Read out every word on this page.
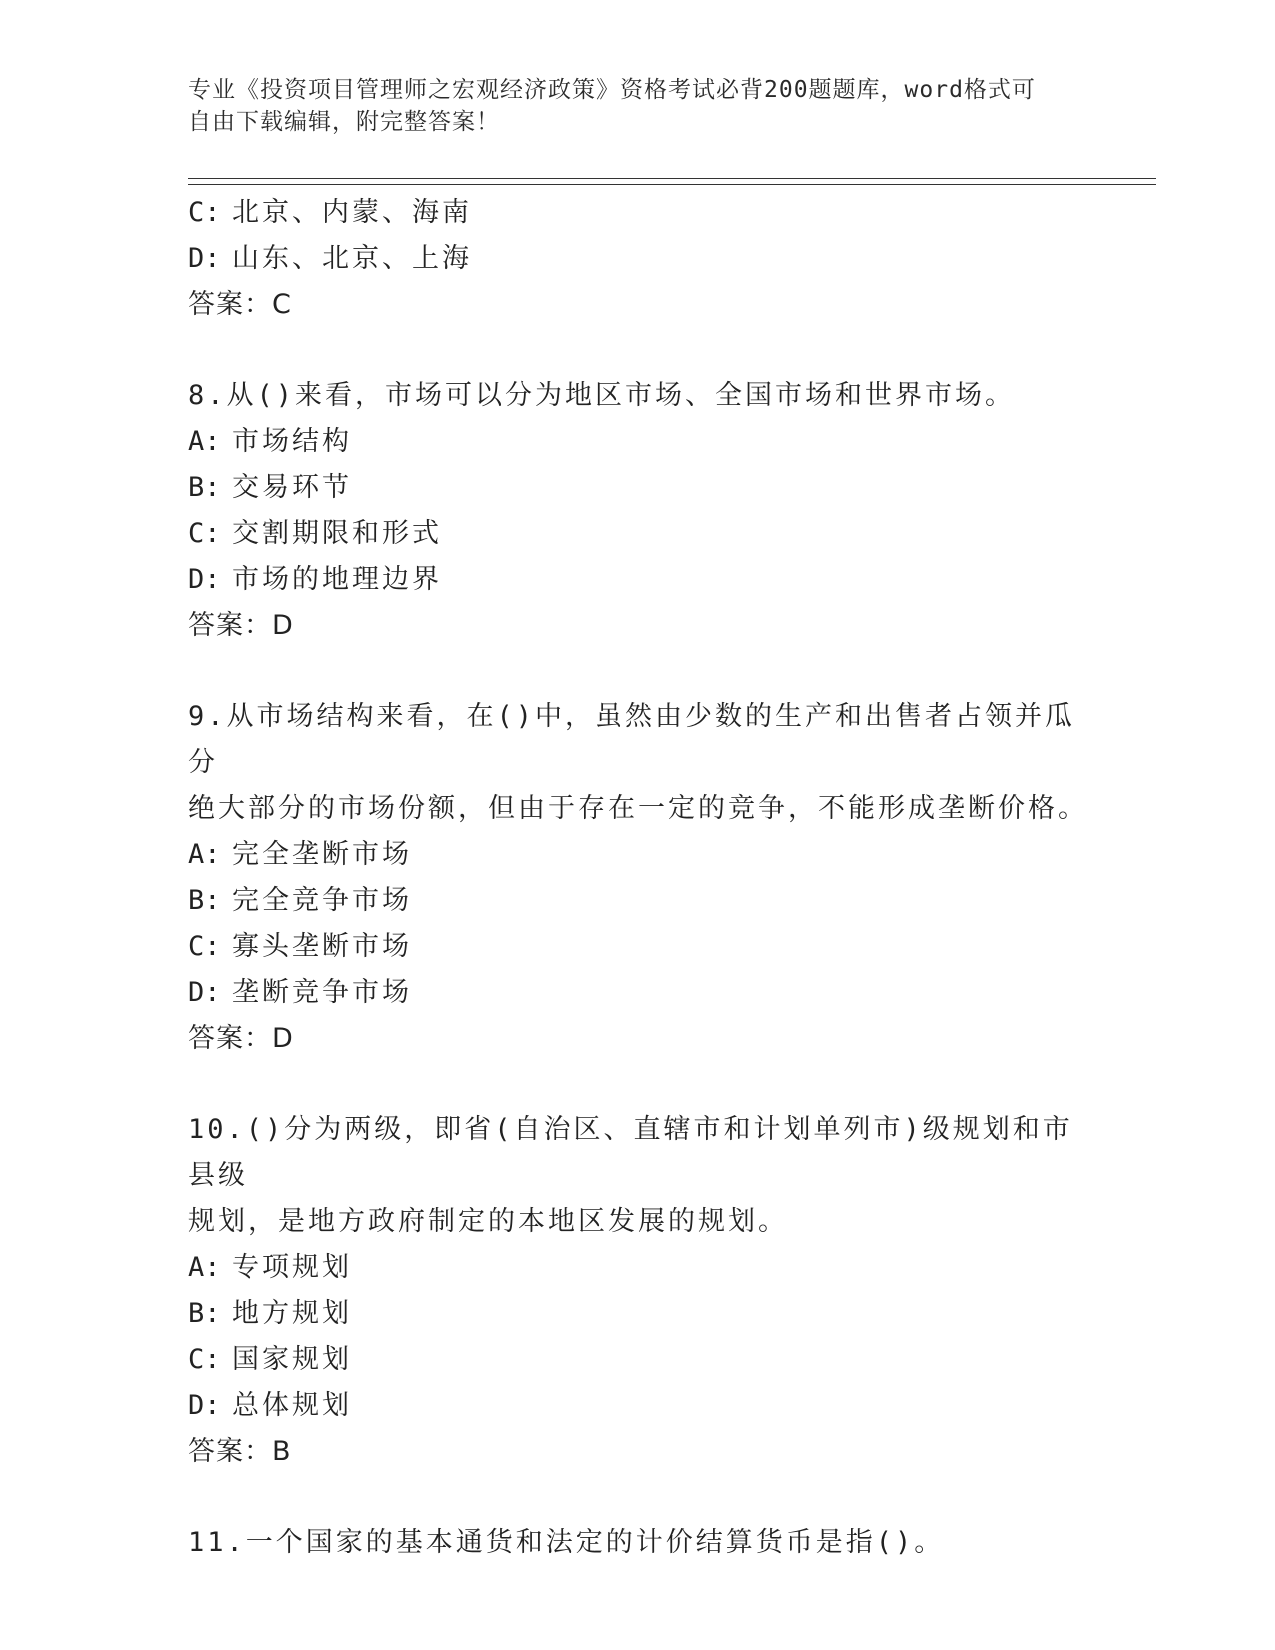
专业《投资项目管理师之宏观经济政策》资格考试必背200题题库，word格式可
自由下载编辑，附完整答案！
C: 北京、内蒙、海南
D: 山东、北京、上海
答案：C
8.从()来看，市场可以分为地区市场、全国市场和世界市场。
A: 市场结构
B: 交易环节
C: 交割期限和形式
D: 市场的地理边界
答案：D
9.从市场结构来看，在()中，虽然由少数的生产和出售者占领并瓜分
绝大部分的市场份额，但由于存在一定的竞争，不能形成垄断价格。
A: 完全垄断市场
B: 完全竞争市场
C: 寡头垄断市场
D: 垄断竞争市场
答案：D
10.()分为两级，即省(自治区、直辖市和计划单列市)级规划和市县级
规划，是地方政府制定的本地区发展的规划。
A: 专项规划
B: 地方规划
C: 国家规划
D: 总体规划
答案：B
11.一个国家的基本通货和法定的计价结算货币是指()。
